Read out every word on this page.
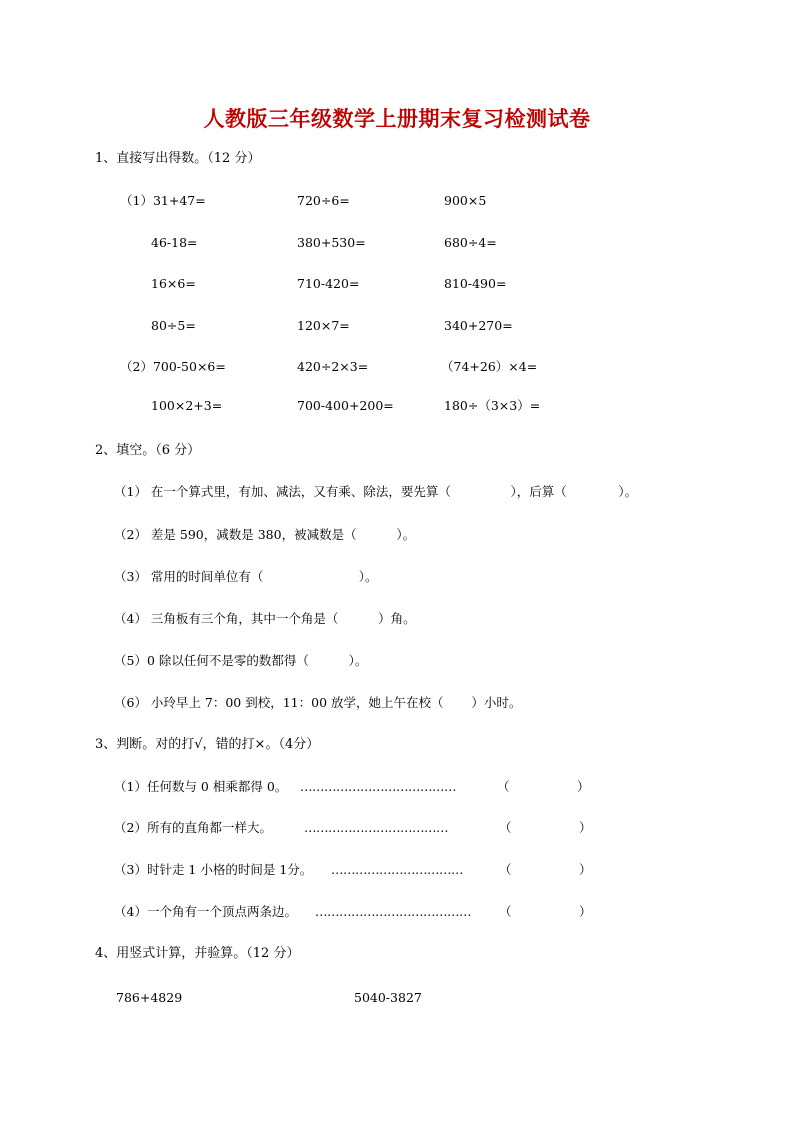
人教版三年级数学上册期末复习检测试卷
1、直接写出得数。（12 分）
（1）31+47=	720÷6=	900×5
46-18=	380+530=	680÷4=
16×6=	710-420=	810-490=
80÷5=	120×7=	340+270=
（2）700-50×6=	420÷2×3=	（74+26）×4=
100×2+3=	700-400+200=	180÷（3×3）=
2、填空。（6 分）
（1） 在一个算式里，有加、减法，又有乘、除法，要先算（               ），后算（             ）。
（2） 差是 590，减数是 380，被减数是（          ）。
（3） 常用的时间单位有（                        ）。
（4） 三角板有三个角，其中一个角是（          ）角。
（5）0 除以任何不是零的数都得（          ）。
（6） 小玲早上 7：00 到校，11：00 放学，她上午在校（       ）小时。
3、判断。对的打√，错的打×。（4分）
（1）任何数与 0 相乘都得 0。 …………………………………	（                 ）
（2）所有的直角都一样大。	………………………………	（                 ）
（3）时针走 1 小格的时间是 1分。 ……………………………	（                 ）
（4）一个角有一个顶点两条边。 ………………………………… （                 ）
4、用竖式计算，并验算。（12 分）
786+4829	5040-3827
